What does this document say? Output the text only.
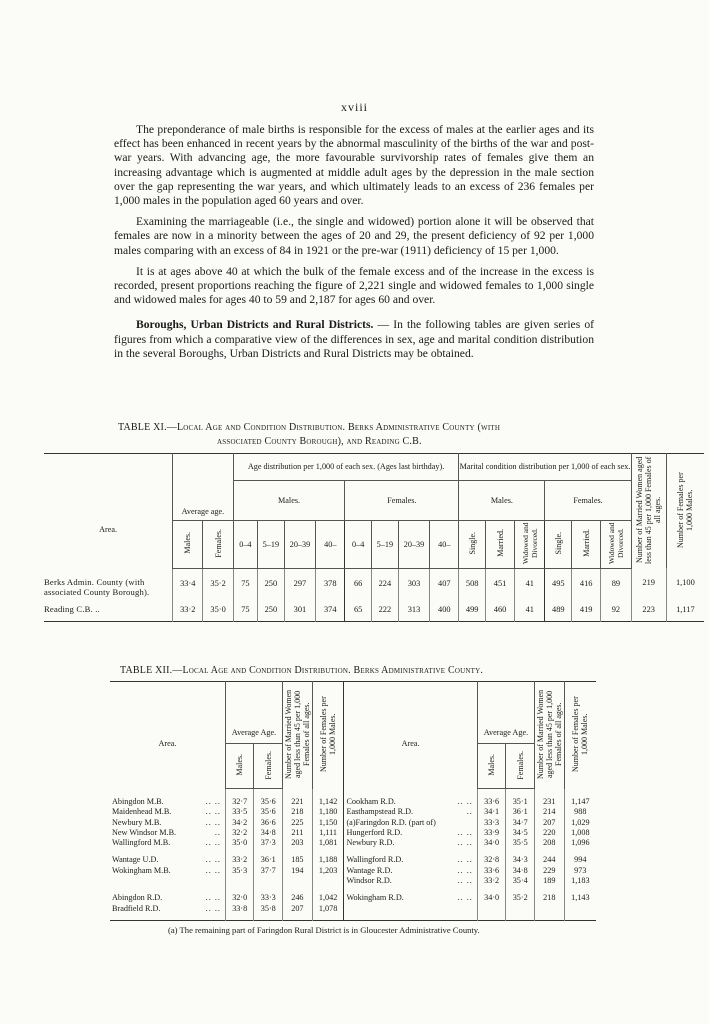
xviii

The preponderance of male births is responsible for the excess of males at the earlier ages and its effect has been enhanced in recent years by the abnormal masculinity of the births of the war and post-war years. With advancing age, the more favourable survivorship rates of females give them an increasing advantage which is augmented at middle adult ages by the depression in the male section over the gap representing the war years, and which ultimately leads to an excess of 236 females per 1,000 males in the population aged 60 years and over.

Examining the marriageable (i.e., the single and widowed) portion alone it will be observed that females are now in a minority between the ages of 20 and 29, the present deficiency of 92 per 1,000 males comparing with an excess of 84 in 1921 or the pre-war (1911) deficiency of 15 per 1,000.

It is at ages above 40 at which the bulk of the female excess and of the increase in the excess is recorded, present proportions reaching the figure of 2,221 single and widowed females to 1,000 single and widowed males for ages 40 to 59 and 2,187 for ages 60 and over.

Boroughs, Urban Districts and Rural Districts. — In the following tables are given series of figures from which a comparative view of the differences in sex, age and marital condition distribution in the several Boroughs, Urban Districts and Rural Districts may be obtained.

TABLE XI.—Local Age and Condition Distribution. Berks Administrative County (with
associated County Borough), and Reading C.B.
Area.	Average age.		Age distribution per 1,000 of each sex. (Ages last birthday).								Marital condition distribution per 1,000 of each sex.						Number of Married Women aged less than 45 per 1,000 Females of all ages.	Number of Females per 1,000 Males.
			Males.				Females.				Males.			Females.				
	Males.	Females.	0–4	5–19	20–39	40–	0–4	5–19	20–39	40–	Single.	Married.	Widowed and Divorced.	Single.	Married.	Widowed and Divorced.		
Berks Admin. County (with associated County Borough).	33·4	35·2	75	250	297	378	66	224	303	407	508	451	41	495	416	89	219	1,100
Reading C.B. ..	33·2	35·0	75	250	301	374	65	222	313	400	499	460	41	489	419	92	223	1,117
TABLE XII.—Local Age and Condition Distribution. Berks Administrative County.
Area.		Average Age.		Number of Married Women aged less than 45 per 1,000 Females of all ages.	Number of Females per 1,000 Males.	Area.		Average Age.		Number of Married Women aged less than 45 per 1,000 Females of all ages.	Number of Females per 1,000 Males.
		Males.	Females.					Males.	Females.		
Abingdon M.B.	.. ..	32·7	35·6	221	1,142	Cookham R.D.	.. ..	33·6	35·1	231	1,147
Maidenhead M.B.	.. ..	33·5	35·6	218	1,180	Easthampstead R.D.	..	34·1	36·1	214	988
Newbury M.B.	.. ..	34·2	36·6	225	1,150	(a)Faringdon R.D. (part of)		33·3	34·7	207	1,029
New Windsor M.B.	..	32·2	34·8	211	1,111	Hungerford R.D.	.. ..	33·9	34·5	220	1,008
Wallingford M.B.	.. ..	35·0	37·3	203	1,081	Newbury R.D.	.. ..	34·0	35·5	208	1,096
Wantage U.D.	.. ..	33·2	36·1	185	1,188	Wallingford R.D.	.. ..	32·8	34·3	244	994
Wokingham M.B.	.. ..	35·3	37·7	194	1,203	Wantage R.D.	.. ..	33·6	34·8	229	973
						Windsor R.D.	.. ..	33·2	35·4	189	1,183
Abingdon R.D.	.. ..	32·0	33·3	246	1,042	Wokingham R.D.	.. ..	34·0	35·2	218	1,143
Bradfield R.D.	.. ..	33·8	35·8	207	1,078						
(a) The remaining part of Faringdon Rural District is in Gloucester Administrative County.
